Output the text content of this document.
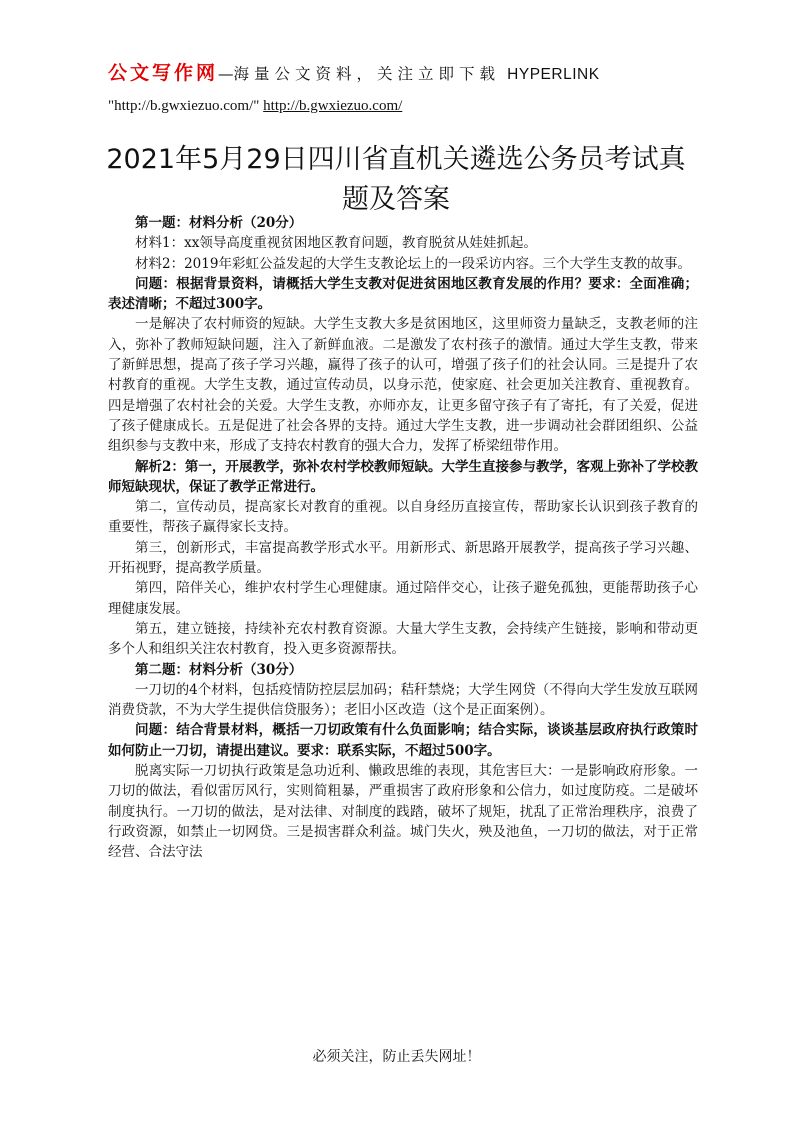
公文写作网—海量公文资料，关注立即下载 HYPERLINK
"http://b.gwxiezuo.com/" http://b.gwxiezuo.com/
2021年5月29日四川省直机关遴选公务员考试真题及答案

第一题：材料分析（20分）

材料1：xx领导高度重视贫困地区教育问题，教育脱贫从娃娃抓起。

材料2：2019年彩虹公益发起的大学生支教论坛上的一段采访内容。三个大学生支教的故事。

问题：根据背景资料，请概括大学生支教对促进贫困地区教育发展的作用？要求：全面准确；表述清晰；不超过300字。

一是解决了农村师资的短缺。大学生支教大多是贫困地区，这里师资力量缺乏，支教老师的注入，弥补了教师短缺问题，注入了新鲜血液。二是激发了农村孩子的激情。通过大学生支教，带来了新鲜思想，提高了孩子学习兴趣，赢得了孩子的认可，增强了孩子们的社会认同。三是提升了农村教育的重视。大学生支教，通过宣传动员，以身示范，使家庭、社会更加关注教育、重视教育。四是增强了农村社会的关爱。大学生支教，亦师亦友，让更多留守孩子有了寄托，有了关爱，促进了孩子健康成长。五是促进了社会各界的支持。通过大学生支教，进一步调动社会群团组织、公益组织参与支教中来，形成了支持农村教育的强大合力，发挥了桥梁纽带作用。

解析2：第一，开展教学，弥补农村学校教师短缺。大学生直接参与教学，客观上弥补了学校教师短缺现状，保证了教学正常进行。

第二，宣传动员，提高家长对教育的重视。以自身经历直接宣传，帮助家长认识到孩子教育的重要性，帮孩子赢得家长支持。

第三，创新形式，丰富提高教学形式水平。用新形式、新思路开展教学，提高孩子学习兴趣、开拓视野，提高教学质量。

第四，陪伴关心，维护农村学生心理健康。通过陪伴交心，让孩子避免孤独，更能帮助孩子心理健康发展。

第五，建立链接，持续补充农村教育资源。大量大学生支教，会持续产生链接，影响和带动更多个人和组织关注农村教育，投入更多资源帮扶。

第二题：材料分析（30分）

一刀切的4个材料，包括疫情防控层层加码；秸秆禁烧；大学生网贷（不得向大学生发放互联网消费贷款，不为大学生提供信贷服务）；老旧小区改造（这个是正面案例）。

问题：结合背景材料，概括一刀切政策有什么负面影响；结合实际，谈谈基层政府执行政策时如何防止一刀切，请提出建议。要求：联系实际，不超过500字。

脱离实际一刀切执行政策是急功近利、懒政思维的表现，其危害巨大：一是影响政府形象。一刀切的做法，看似雷厉风行，实则简粗暴，严重损害了政府形象和公信力，如过度防疫。二是破坏制度执行。一刀切的做法，是对法律、对制度的践踏，破坏了规矩，扰乱了正常治理秩序，浪费了行政资源，如禁止一切网贷。三是损害群众利益。城门失火，殃及池鱼，一刀切的做法，对于正常经营、合法守法

必须关注，防止丢失网址！
